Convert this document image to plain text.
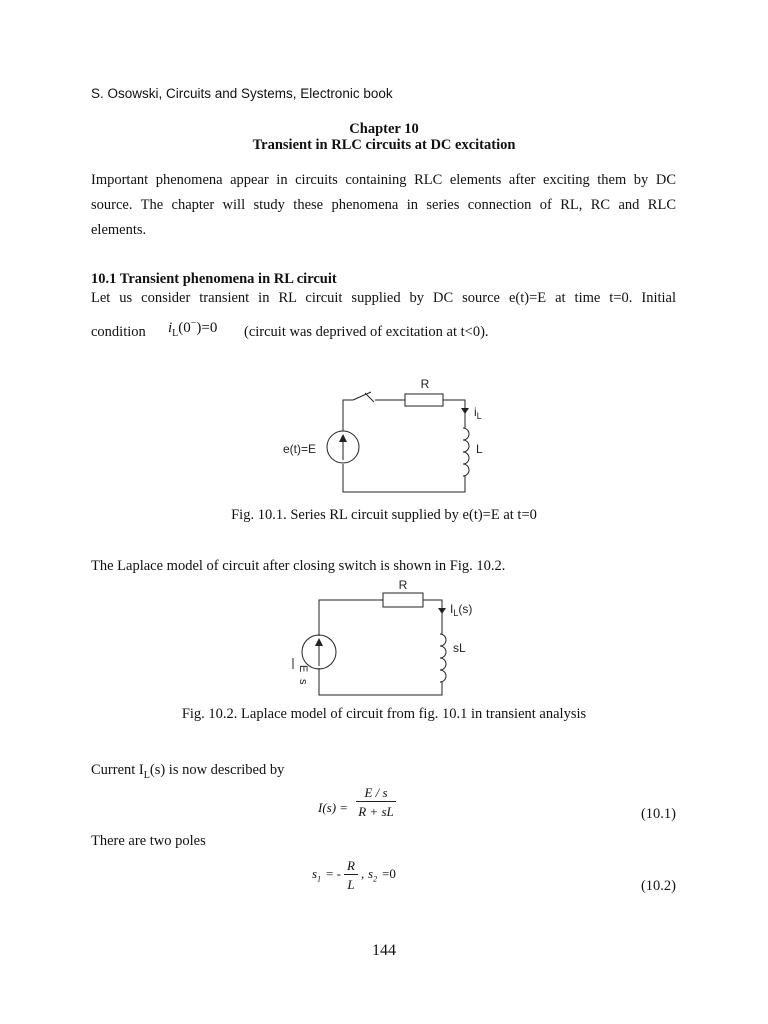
S. Osowski, Circuits and Systems, Electronic book
Chapter 10
Transient in RLC circuits at DC excitation
Important phenomena appear in circuits containing RLC elements after exciting them by DC
source. The chapter will study these phenomena in series connection of RL, RC and RLC
elements.
10.1 Transient phenomena in RL circuit
Let us consider transient in RL circuit supplied by DC source e(t)=E at time t=0. Initial
condition $i_L(0^-)=0$ (circuit was deprived of excitation at t<0).
R
$i_L$
L
e(t)=E
Fig. 10.1. Series RL circuit supplied by e(t)=E at t=0
The Laplace model of circuit after closing switch is shown in Fig. 10.2.
R
$I_L(s)$
sL
E
s
Fig. 10.2. Laplace model of circuit from fig. 10.1 in transient analysis
Current $I_L(s)$ is now described by
I(s) =
E / s
R + sL	(10.1)
There are two poles
$s_1$ = -
R
L
, $s_2 =0$
(10.2)
144
